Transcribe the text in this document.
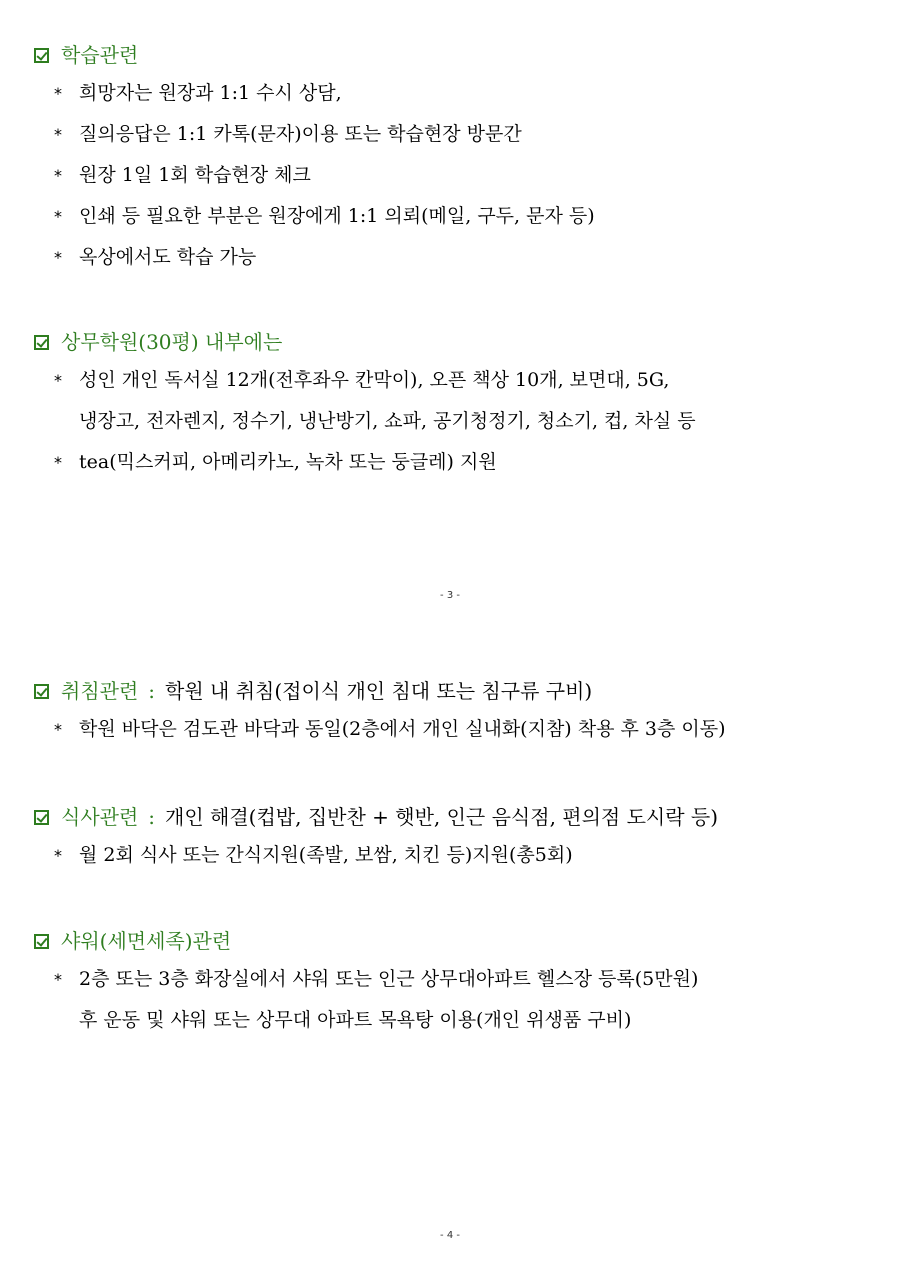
학습관련
* 희망자는 원장과 1:1 수시 상담,
* 질의응답은 1:1 카톡(문자)이용 또는 학습현장 방문간
* 원장 1일 1회 학습현장 체크
* 인쇄 등 필요한 부분은 원장에게 1:1 의뢰(메일, 구두, 문자 등)
* 옥상에서도 학습 가능
상무학원(30평) 내부에는
* 성인 개인 독서실 12개(전후좌우 칸막이), 오픈 책상 10개, 보면대, 5G,
냉장고, 전자렌지, 정수기, 냉난방기, 쇼파, 공기청정기, 청소기, 컵, 차실 등
* tea(믹스커피, 아메리카노, 녹차 또는 둥글레) 지원
- 3 -
취침관련 : 학원 내 취침(접이식 개인 침대 또는 침구류 구비)
* 학원 바닥은 검도관 바닥과 동일(2층에서 개인 실내화(지참) 착용 후 3층 이동)
식사관련 : 개인 해결(컵밥, 집반찬 + 햇반, 인근 음식점, 편의점 도시락 등)
* 월 2회 식사 또는 간식지원(족발, 보쌈, 치킨 등)지원(총5회)
샤워(세면세족)관련
* 2층 또는 3층 화장실에서 샤워 또는 인근 상무대아파트 헬스장 등록(5만원)
후 운동 및 샤워 또는 상무대 아파트 목욕탕 이용(개인 위생품 구비)
- 4 -
